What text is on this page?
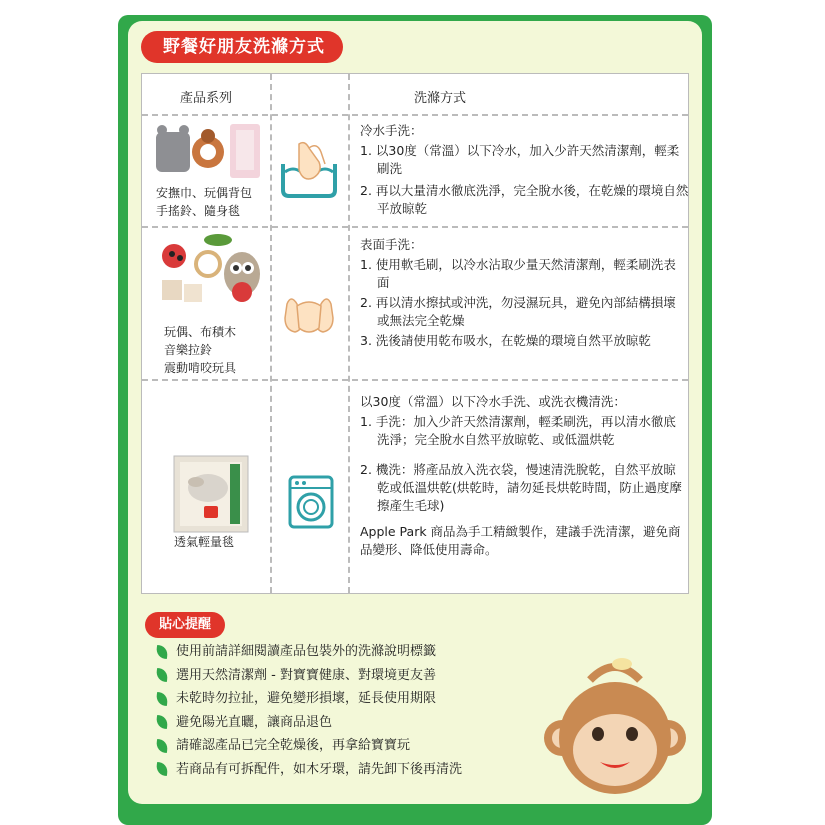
野餐好朋友洗滌方式
產品系列	洗滌方式
安撫巾、玩偶背包
手搖鈴、隨身毯
冷水手洗：
1. 以30度（常溫）以下冷水，加入少許天然清潔劑，輕柔刷洗
2. 再以大量清水徹底洗淨，完全脫水後，在乾燥的環境自然平放晾乾
玩偶、布積木
音樂拉鈴
震動啃咬玩具
表面手洗：
1. 使用軟毛刷，以冷水沾取少量天然清潔劑，輕柔刷洗表面
2. 再以清水擦拭或沖洗，勿浸濕玩具，避免內部結構損壞或無法完全乾燥
3. 洗後請使用乾布吸水，在乾燥的環境自然平放晾乾
透氣輕量毯
以30度（常溫）以下冷水手洗、或洗衣機清洗：
1. 手洗：加入少許天然清潔劑，輕柔刷洗，再以清水徹底洗淨；完全脫水自然平放晾乾、或低溫烘乾
2. 機洗：將產品放入洗衣袋，慢速清洗脫乾，自然平放晾乾或低溫烘乾(烘乾時，請勿延長烘乾時間，防止過度摩擦產生毛球)
Apple Park 商品為手工精緻製作，建議手洗清潔，避免商品變形、降低使用壽命。
貼心提醒
使用前請詳細閱讀產品包裝外的洗滌說明標籤
選用天然清潔劑 - 對寶寶健康、對環境更友善
未乾時勿拉扯，避免變形損壞，延長使用期限
避免陽光直曬，讓商品退色
請確認產品已完全乾燥後，再拿給寶寶玩
若商品有可拆配件，如木牙環，請先卸下後再清洗
